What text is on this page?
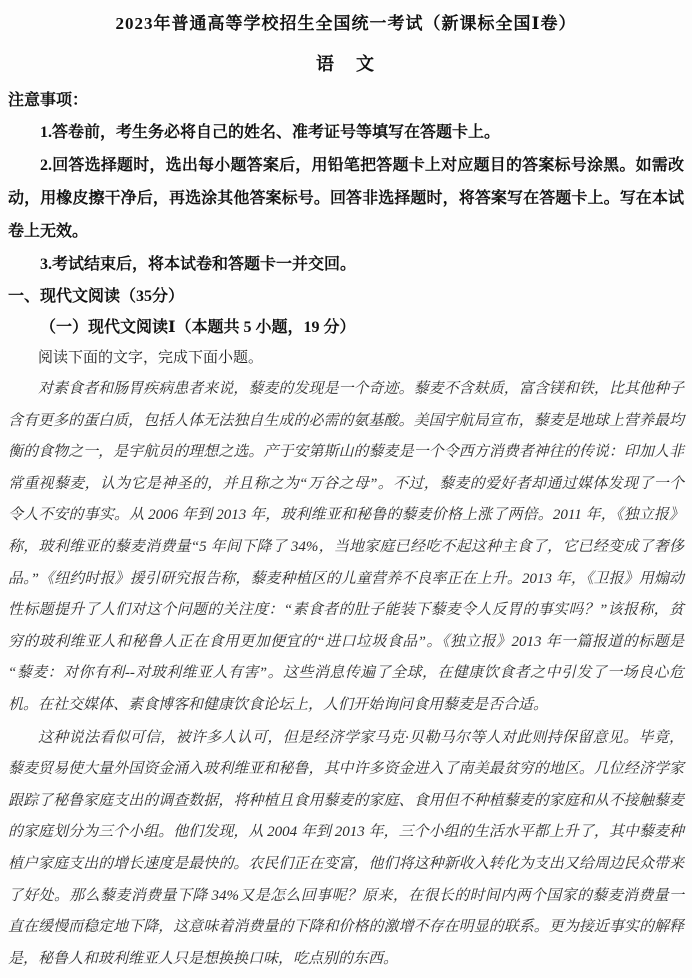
2023年普通高等学校招生全国统一考试（新课标全国Ⅰ卷）
语　文
注意事项：
1.答卷前，考生务必将自己的姓名、准考证号等填写在答题卡上。
2.回答选择题时，选出每小题答案后，用铅笔把答题卡上对应题目的答案标号涂黑。如需改动，用橡皮擦干净后，再选涂其他答案标号。回答非选择题时，将答案写在答题卡上。写在本试卷上无效。
3.考试结束后，将本试卷和答题卡一并交回。
一、现代文阅读（35分）
（一）现代文阅读Ⅰ（本题共 5 小题，19 分）
阅读下面的文字，完成下面小题。

对素食者和肠胃疾病患者来说，藜麦的发现是一个奇迹。藜麦不含麸质，富含镁和铁，比其他种子含有更多的蛋白质，包括人体无法独自生成的必需的氨基酸。美国宇航局宣布，藜麦是地球上营养最均衡的食物之一，是宇航员的理想之选。产于安第斯山的藜麦是一个令西方消费者神往的传说：印加人非常重视藜麦，认为它是神圣的，并且称之为“万谷之母”。不过，藜麦的爱好者却通过媒体发现了一个令人不安的事实。从 2006 年到 2013 年，玻利维亚和秘鲁的藜麦价格上涨了两倍。2011 年，《独立报》称，玻利维亚的藜麦消费量“5 年间下降了 34%，当地家庭已经吃不起这种主食了，它已经变成了奢侈品。”《纽约时报》援引研究报告称，藜麦种植区的儿童营养不良率正在上升。2013 年，《卫报》用煽动性标题提升了人们对这个问题的关注度：“素食者的肚子能装下藜麦令人反胃的事实吗？”该报称，贫穷的玻利维亚人和秘鲁人正在食用更加便宜的“进口垃圾食品”。《独立报》2013 年一篇报道的标题是“藜麦：对你有利--对玻利维亚人有害”。这些消息传遍了全球，在健康饮食者之中引发了一场良心危机。在社交媒体、素食博客和健康饮食论坛上，人们开始询问食用藜麦是否合适。

这种说法看似可信，被许多人认可，但是经济学家马克·贝勒马尔等人对此则持保留意见。毕竟，藜麦贸易使大量外国资金涌入玻利维亚和秘鲁，其中许多资金进入了南美最贫穷的地区。几位经济学家跟踪了秘鲁家庭支出的调查数据，将种植且食用藜麦的家庭、食用但不种植藜麦的家庭和从不接触藜麦的家庭划分为三个小组。他们发现，从 2004 年到 2013 年，三个小组的生活水平都上升了，其中藜麦种植户家庭支出的增长速度是最快的。农民们正在变富，他们将这种新收入转化为支出又给周边民众带来了好处。那么藜麦消费量下降 34%又是怎么回事呢？原来，在很长的时间内两个国家的藜麦消费量一直在缓慢而稳定地下降，这意味着消费量的下降和价格的激增不存在明显的联系。更为接近事实的解释是，秘鲁人和玻利维亚人只是想换换口味，吃点别的东西。
